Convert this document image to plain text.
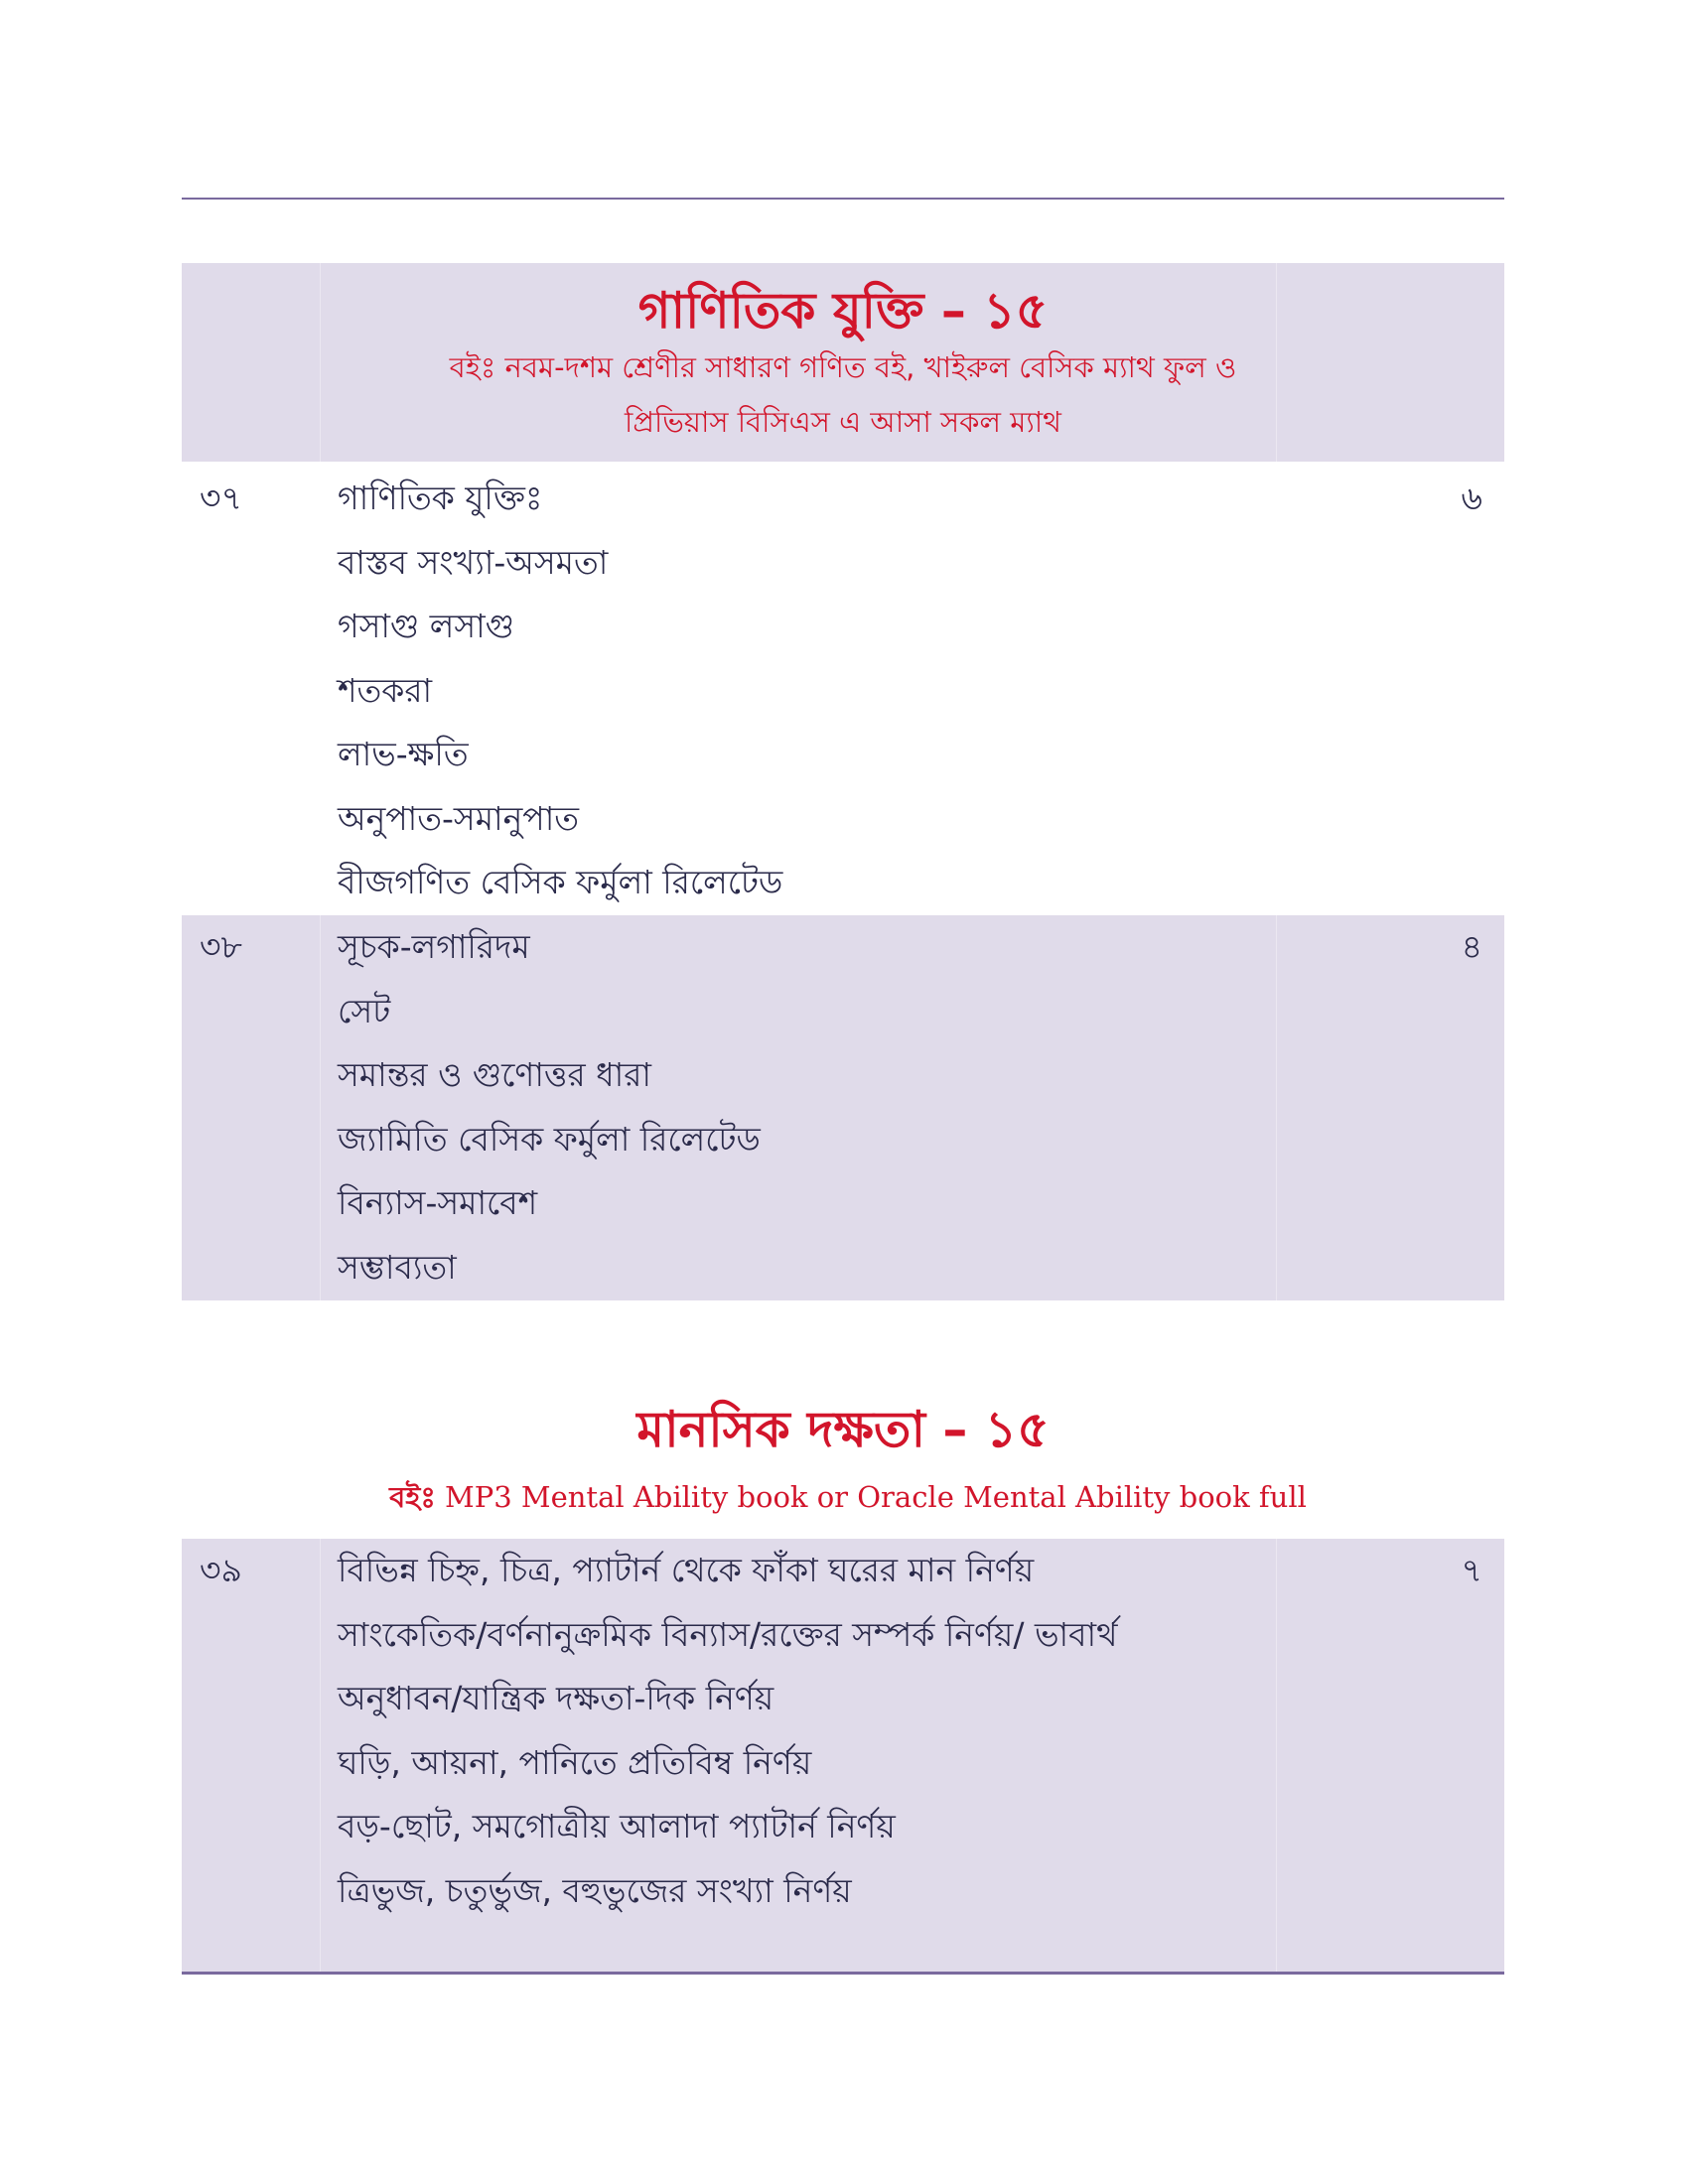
গাণিতিক যুক্তি – ১৫
বইঃ নবম-দশম শ্রেণীর সাধারণ গণিত বই, খাইরুল বেসিক ম্যাথ ফুল ও
প্রিভিয়াস বিসিএস এ আসা সকল ম্যাথ
৩৭	গাণিতিক যুক্তিঃ
বাস্তব সংখ্যা-অসমতা
গসাগু লসাগু
শতকরা
লাভ-ক্ষতি
অনুপাত-সমানুপাত
বীজগণিত বেসিক ফর্মুলা রিলেটেড
৬
৩৮	সূচক-লগারিদম
সেট
সমান্তর ও গুণোত্তর ধারা
জ্যামিতি বেসিক ফর্মুলা রিলেটেড
বিন্যাস-সমাবেশ
সম্ভাব্যতা
৪
মানসিক দক্ষতা – ১৫
বইঃ MP3 Mental Ability book or Oracle Mental Ability book full
৩৯	বিভিন্ন চিহ্ন, চিত্র, প্যাটার্ন থেকে ফাঁকা ঘরের মান নির্ণয়
সাংকেতিক/বর্ণনানুক্রমিক বিন্যাস/রক্তের সম্পর্ক নির্ণয়/ ভাবার্থ
অনুধাবন/যান্ত্রিক দক্ষতা-দিক নির্ণয়
ঘড়ি, আয়না, পানিতে প্রতিবিম্ব নির্ণয়
বড়-ছোট, সমগোত্রীয় আলাদা প্যাটার্ন নির্ণয়
ত্রিভুজ, চতুর্ভুজ, বহুভুজের সংখ্যা নির্ণয়
৭
